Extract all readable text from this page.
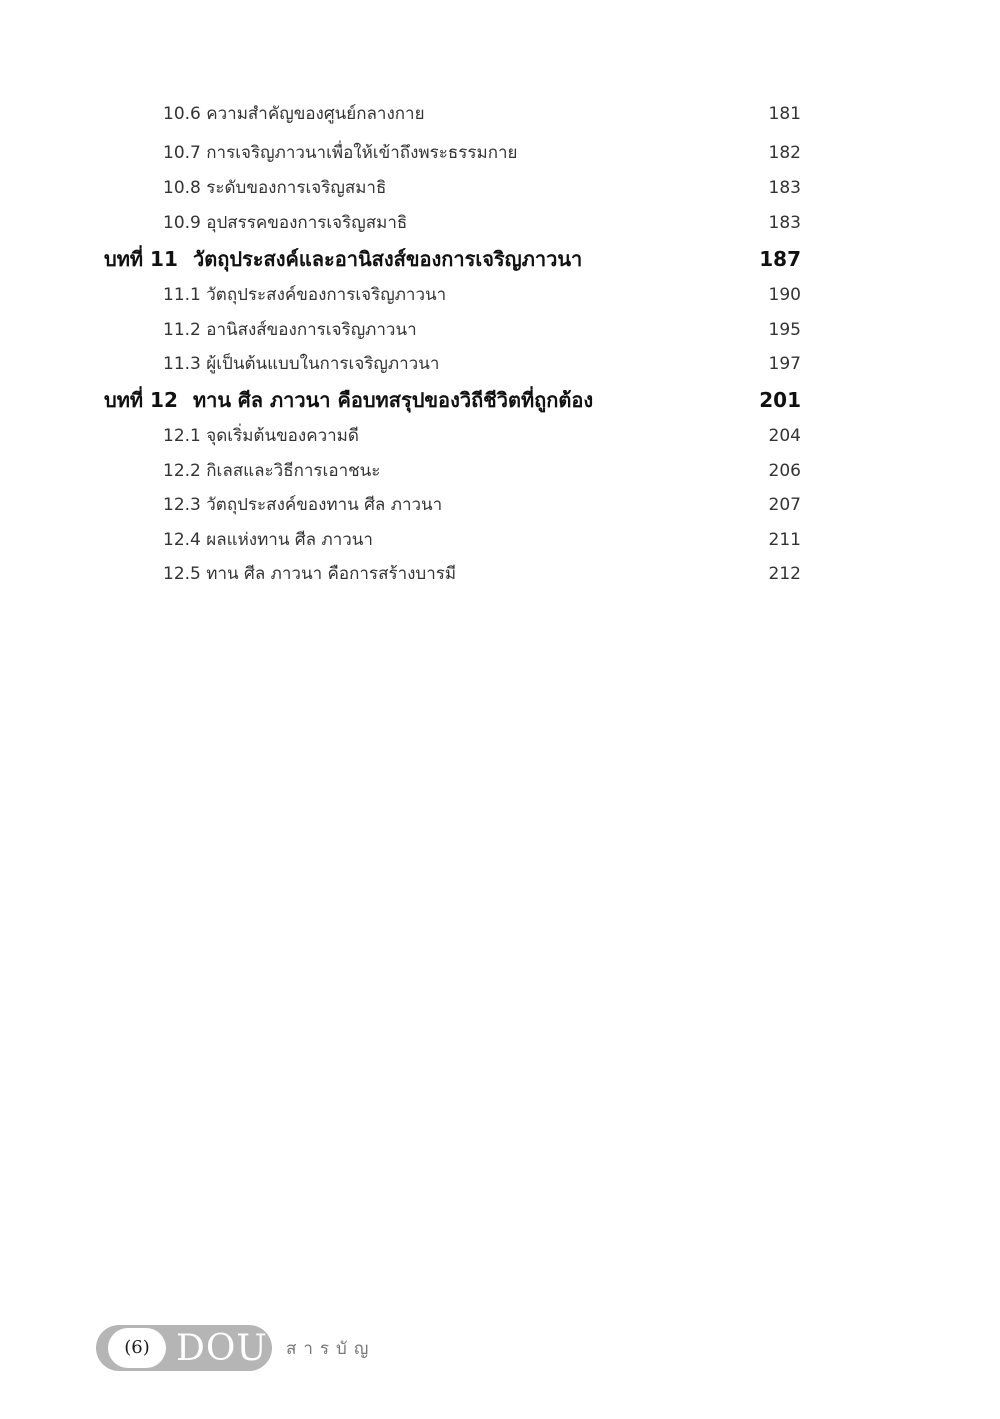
10.6 ความสำคัญของศูนย์กลางกาย	181
10.7 การเจริญภาวนาเพื่อให้เข้าถึงพระธรรมกาย	182
10.8 ระดับของการเจริญสมาธิ	183
10.9 อุปสรรคของการเจริญสมาธิ	183
บทที่ 11 วัตถุประสงค์และอานิสงส์ของการเจริญภาวนา	187
11.1 วัตถุประสงค์ของการเจริญภาวนา	190
11.2 อานิสงส์ของการเจริญภาวนา	195
11.3 ผู้เป็นต้นแบบในการเจริญภาวนา	197
บทที่ 12 ทาน ศีล ภาวนา คือบทสรุปของวิถีชีวิตที่ถูกต้อง	201
12.1 จุดเริ่มต้นของความดี	204
12.2 กิเลสและวิธีการเอาชนะ	206
12.3 วัตถุประสงค์ของทาน ศีล ภาวนา	207
12.4 ผลแห่งทาน ศีล ภาวนา	211
12.5 ทาน ศีล ภาวนา คือการสร้างบารมี	212
(6) DOU สารบัญ
